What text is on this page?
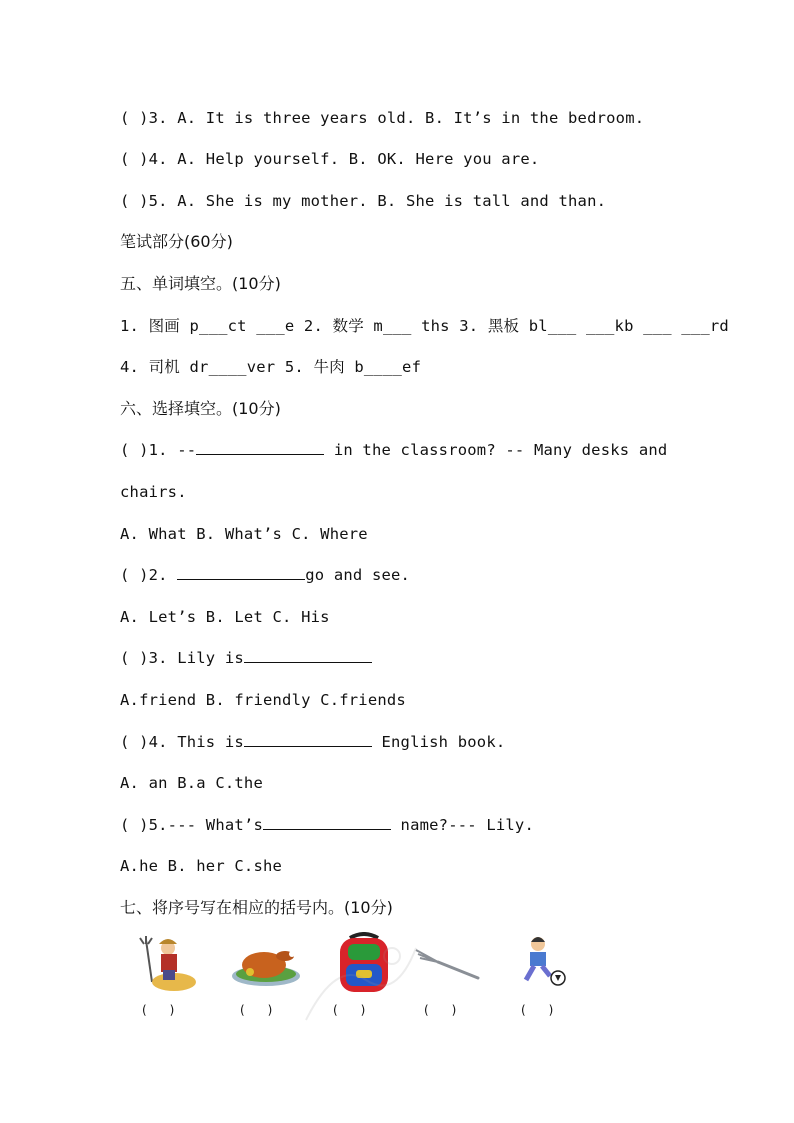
( )3. A. It is three years old. B. It’s in the bedroom.
( )4. A. Help yourself. B. OK. Here you are.
( )5. A. She is my mother. B. She is tall and than.
笔试部分(60分)
五、单词填空。(10分)
1. 图画 p___ct ___e 2. 数学 m___ ths 3. 黑板 bl___ ___kb ___ ___rd
4. 司机 dr____ver 5. 牛肉 b____ef
六、选择填空。(10分)
( )1. --	in the classroom? -- Many desks and
chairs.
A. What B. What’s C. Where
( )2.	go and see.
A. Let’s B. Let C. His
( )3. Lily is
A.friend B. friendly C.friends
( )4. This is	English book.
A. an B.a C.the
( )5.--- What’s	name?--- Lily.
A.he B. her C.she
七、将序号写在相应的括号内。(10分)
(      )	(      )	(      )	(      )	(      )
